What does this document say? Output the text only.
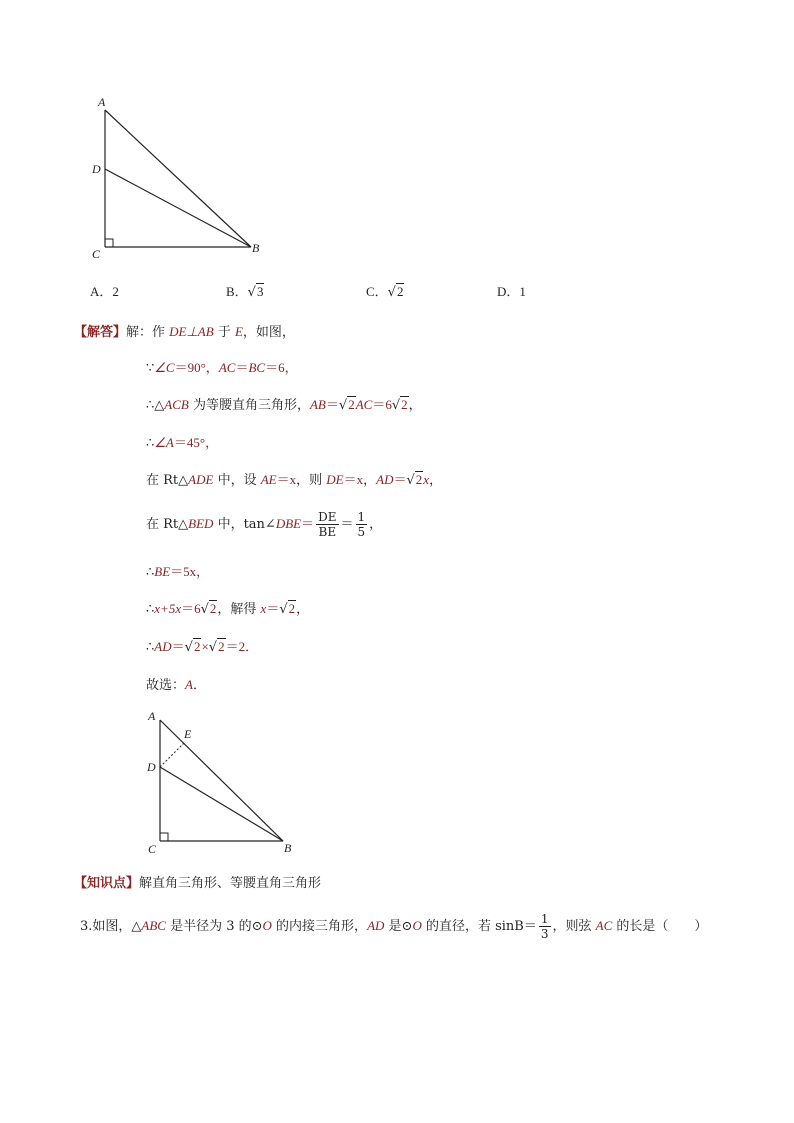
A
D
C	B
A．2	B．√3	C．√2	D．1
【解答】解：作 DE⊥AB 于 E，如图，
∵∠C＝90°，AC＝BC＝6，
∴△ACB 为等腰直角三角形，AB＝√2AC＝6√2，
∴∠A＝45°，
在 Rt△ADE 中，设 AE＝x，则 DE＝x，AD＝√2x，
在 Rt△BED 中，tan∠DBE＝ $\frac{DE}{BE} = \frac{1}{5}$ ，
∴BE＝5x，
∴x+5x＝6√2，解得 x＝√2，
∴AD＝√2×√2＝2．
故选：A．
A
E
D
C	B
【知识点】解直角三角形、等腰直角三角形
3.如图，△ABC 是半径为 3 的⊙O 的内接三角形，AD 是⊙O 的直径，若 $\sin B= \frac{1}{3}$ ，则弦 AC 的长是（　　）
